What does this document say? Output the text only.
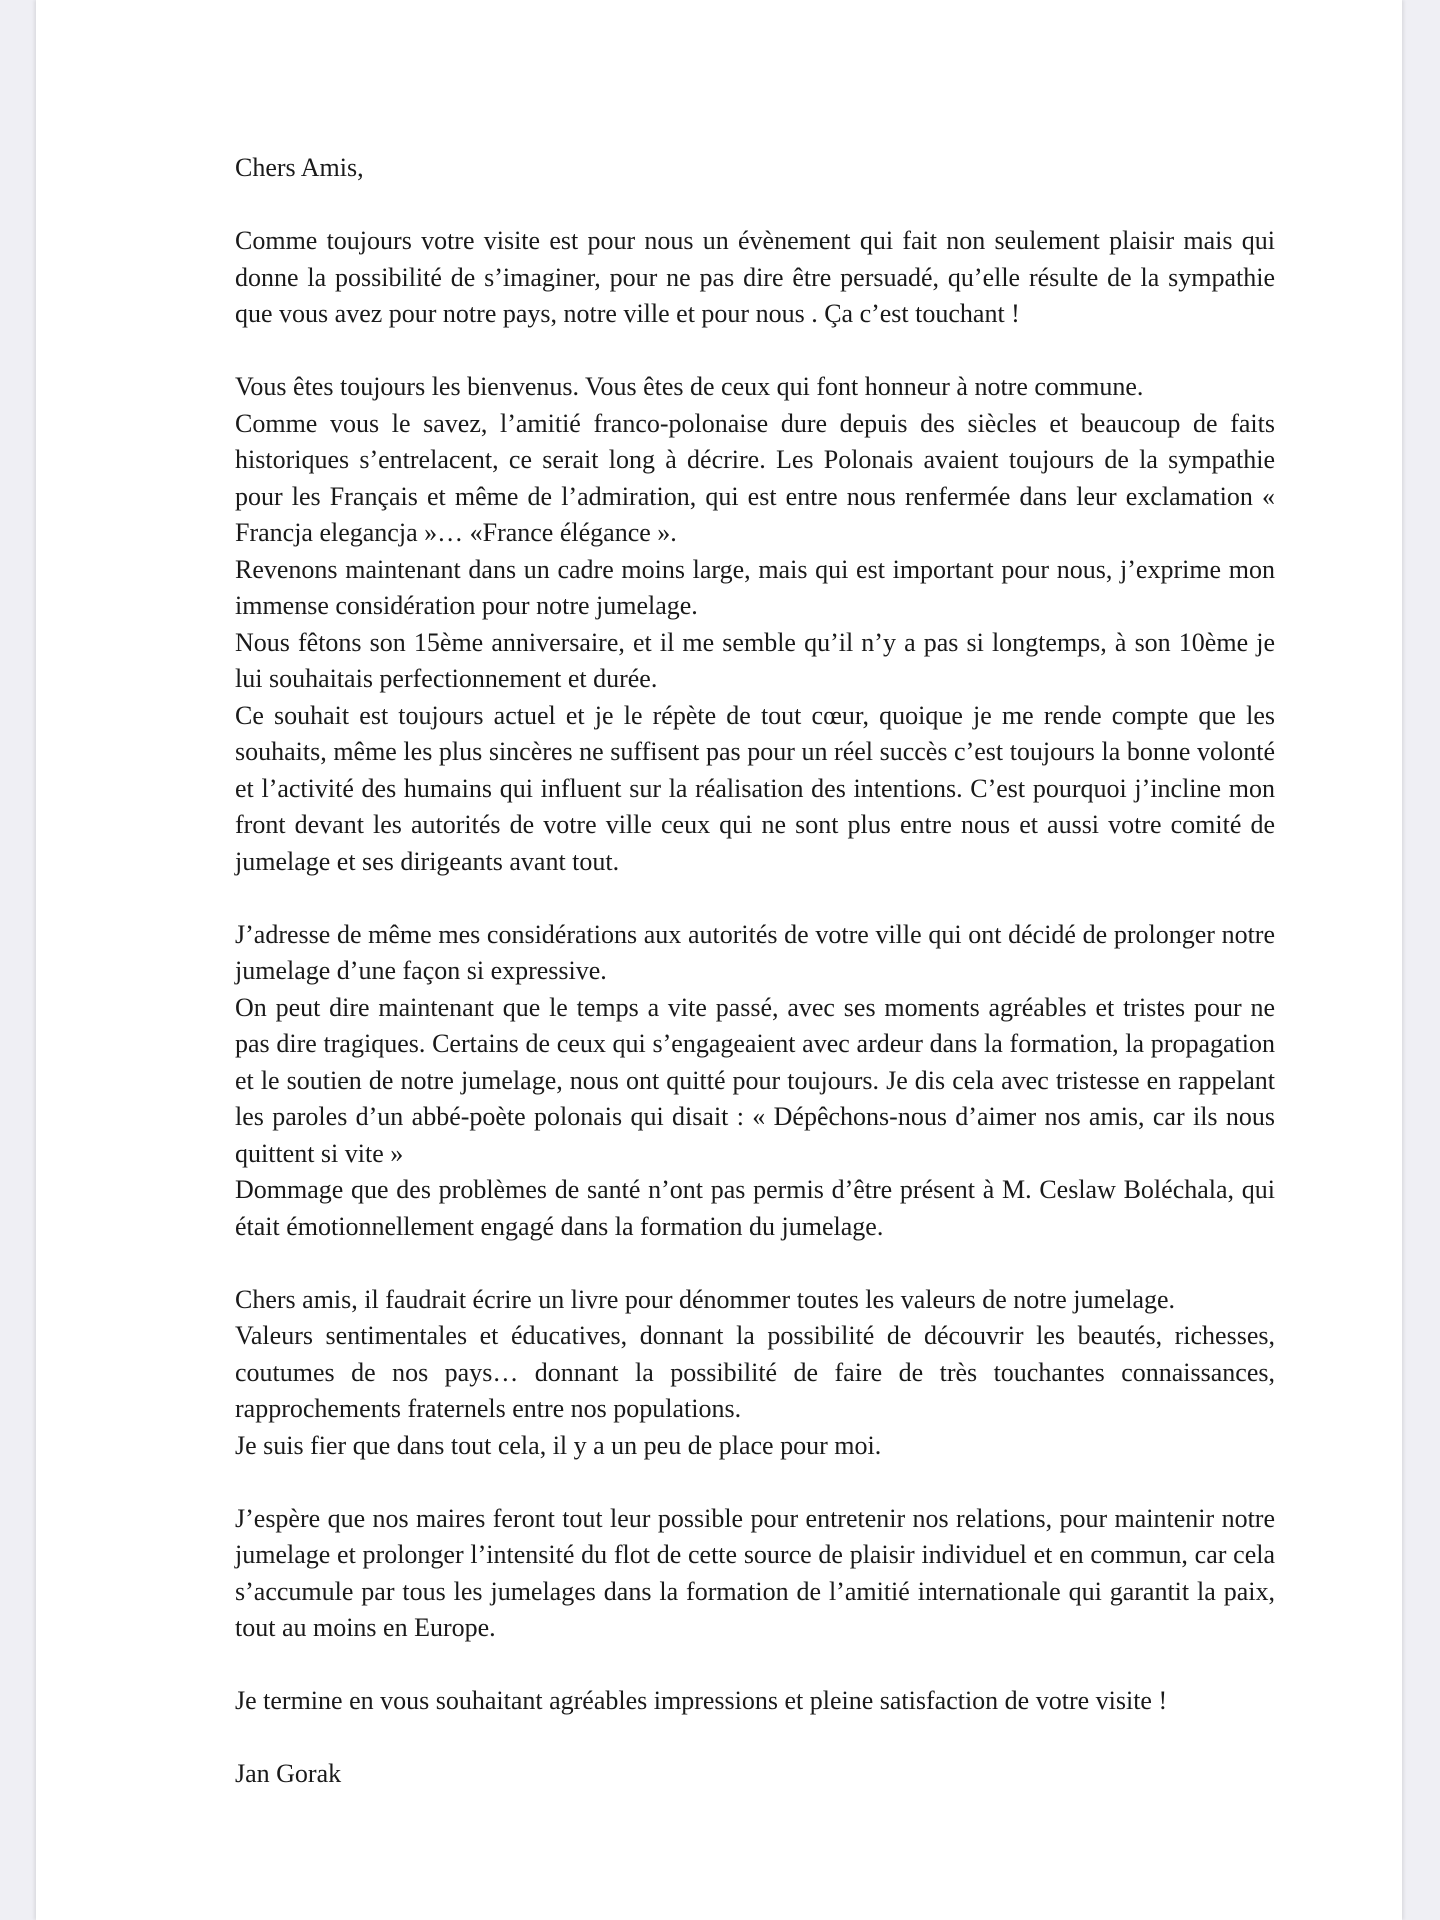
Chers Amis,

Comme toujours votre visite est pour nous un évènement qui fait non seulement plaisir mais qui donne la possibilité de s’imaginer, pour ne pas dire être persuadé, qu’elle résulte de la sympathie que vous avez pour notre pays, notre ville et pour nous . Ça c’est touchant !

Vous êtes toujours les bienvenus. Vous êtes de ceux qui font honneur à notre commune.

Comme vous le savez, l’amitié franco-polonaise dure depuis des siècles et beaucoup de faits historiques s’entrelacent, ce serait long à décrire. Les Polonais avaient toujours de la sympathie pour les Français et même de l’admiration, qui est entre nous renfermée dans leur exclamation « Francja elegancja »… «France élégance ».

Revenons maintenant dans un cadre moins large, mais qui est important pour nous, j’exprime mon immense considération pour notre jumelage.

Nous fêtons son 15ème anniversaire, et il me semble qu’il n’y a pas si longtemps, à son 10ème je lui souhaitais perfectionnement et durée.

Ce souhait est toujours actuel et je le répète de tout cœur, quoique je me rende compte que les souhaits, même les plus sincères ne suffisent pas pour un réel succès c’est toujours la bonne volonté et l’activité des humains qui influent sur la réalisation des intentions. C’est pourquoi j’incline mon front devant les autorités de votre ville ceux qui ne sont plus entre nous et aussi votre comité de jumelage et ses dirigeants avant tout.

J’adresse de même mes considérations aux autorités de votre ville qui ont décidé de prolonger notre jumelage d’une façon si expressive.

On peut dire maintenant que le temps a vite passé, avec ses moments agréables et tristes pour ne pas dire tragiques. Certains de ceux qui s’engageaient avec ardeur dans la formation, la propagation et le soutien de notre jumelage, nous ont quitté pour toujours. Je dis cela avec tristesse en rappelant les paroles d’un abbé-poète polonais qui disait : « Dépêchons-nous d’aimer nos amis, car ils nous quittent si vite »

Dommage que des problèmes de santé n’ont pas permis d’être présent à M. Ceslaw Boléchala, qui était émotionnellement engagé dans la formation du jumelage.

Chers amis, il faudrait écrire un livre pour dénommer toutes les valeurs de notre jumelage.

Valeurs sentimentales et éducatives, donnant la possibilité de découvrir les beautés, richesses, coutumes de nos pays… donnant la possibilité de faire de très touchantes connaissances, rapprochements fraternels entre nos populations.

Je suis fier que dans tout cela, il y a un peu de place pour moi.

J’espère que nos maires feront tout leur possible pour entretenir nos relations, pour maintenir notre jumelage et prolonger l’intensité du flot de cette source de plaisir individuel et en commun, car cela s’accumule par tous les jumelages dans la formation de l’amitié internationale qui garantit la paix, tout au moins en Europe.

Je termine en vous souhaitant agréables impressions et pleine satisfaction de votre visite !

Jan Gorak
